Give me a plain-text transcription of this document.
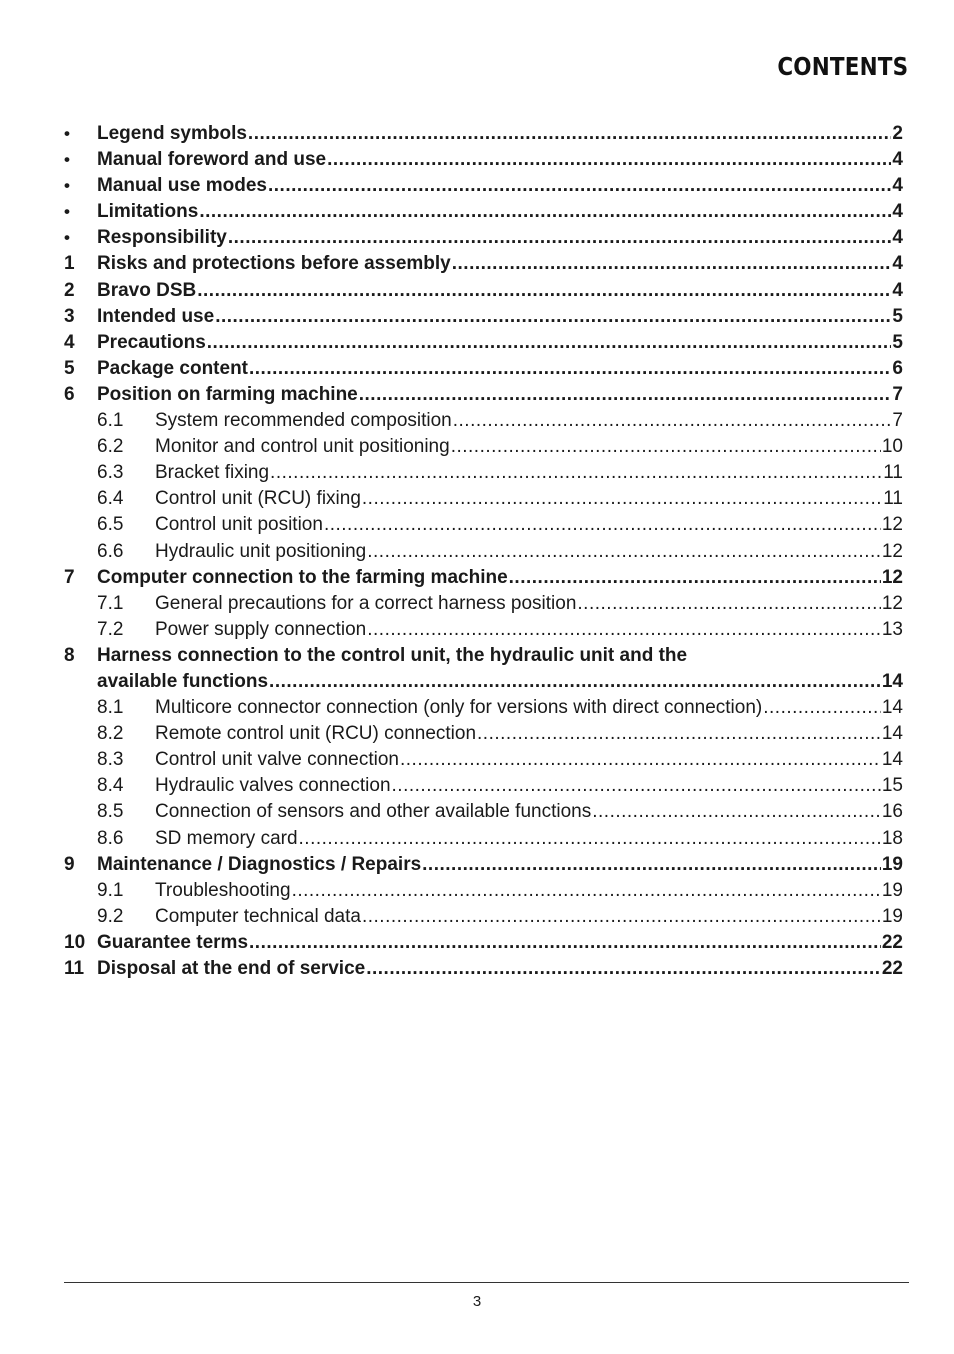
CONTENTS
•	Legend symbols .....	2
•	Manual foreword and use .....	4
•	Manual use modes .....	4
•	Limitations .....	4
•	Responsibility .....	4
1	Risks and protections before assembly .....	4
2	Bravo DSB .....	4
3	Intended use .....	5
4	Precautions .....	5
5	Package content .....	6
6	Position on farming machine .....	7
6.1	System recommended composition .....	7
6.2	Monitor and control unit positioning .....	10
6.3	Bracket fixing .....	11
6.4	Control unit (RCU) fixing .....	11
6.5	Control unit position .....	12
6.6	Hydraulic unit positioning .....	12
7	Computer connection to the farming machine .....	12
7.1	General precautions for a correct harness position .....	12
7.2	Power supply connection .....	13
8	Harness connection to the control unit, the hydraulic unit and the
available functions .....	14
8.1	Multicore connector connection (only for versions with direct connection) .....	14
8.2	Remote control unit (RCU) connection .....	14
8.3	Control unit valve connection .....	14
8.4	Hydraulic valves connection .....	15
8.5	Connection of sensors and other available functions .....	16
8.6	SD memory card .....	18
9	Maintenance / Diagnostics / Repairs .....	19
9.1	Troubleshooting .....	19
9.2	Computer technical data .....	19
10 Guarantee terms .....	22
11 Disposal at the end of service .....	22
3
